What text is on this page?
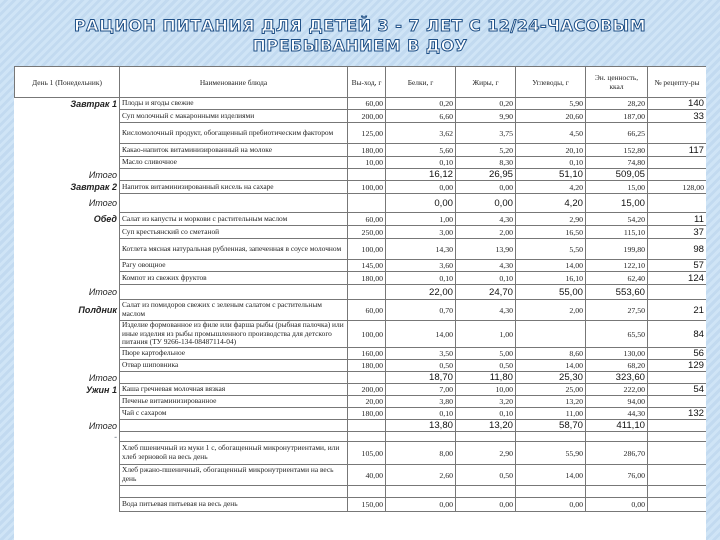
РАЦИОН ПИТАНИЯ ДЛЯ ДЕТЕЙ 3 - 7 ЛЕТ С 12/24-ЧАСОВЫМ
ПРЕБЫВАНИЕМ В ДОУ
День 1 (Понедельник)	Наименование блюда	Вы-ход, г	Белки, г	Жиры, г	Углеводы, г	Эн. ценность, ккал	№ рецепту-ры
Завтрак 1	Плоды и ягоды свежие	60,00	0,20	0,20	5,90	28,20	140
	Суп молочный с макаронными изделиями	200,00	6,60	9,90	20,60	187,00	33
	Кисломолочный продукт, обогащенный пребиотическим фактором	125,00	3,62	3,75	4,50	66,25	
	Какао-напиток витаминизированный на молоке	180,00	5,60	5,20	20,10	152,80	117
	Масло сливочное	10,00	0,10	8,30	0,10	74,80	
Итого			16,12	26,95	51,10	509,05	
Завтрак 2	Напиток витаминизированный кисель на сахаре	100,00	0,00	0,00	4,20	15,00	128,00
Итого			0,00	0,00	4,20	15,00	
Обед	Салат из капусты и моркови с растительным маслом	60,00	1,00	4,30	2,90	54,20	11
	Суп крестьянский со сметаной	250,00	3,00	2,00	16,50	115,10	37
	Котлета мясная натуральная рубленная, запеченная в соусе молочном	100,00	14,30	13,90	5,50	199,80	98
	Рагу овощное	145,00	3,60	4,30	14,00	122,10	57
	Компот из свежих фруктов	180,00	0,10	0,10	16,10	62,40	124
Итого			22,00	24,70	55,00	553,60	
Полдник	Салат из помидоров свежих с зеленым салатом с растительным маслом	60,00	0,70	4,30	2,00	27,50	21
	Изделие формованное из филе или фарша рыбы (рыбная палочка) или иные изделия из рыбы промышленного производства для детского питания (ТУ 9266-134-08487114-04)	100,00	14,00	1,00		65,50	84
	Пюре картофельное	160,00	3,50	5,00	8,60	130,00	56
	Отвар шиповника	180,00	0,50	0,50	14,00	68,20	129
Итого			18,70	11,80	25,30	323,60	
Ужин 1	Каша гречневая молочная вязкая	200,00	7,00	10,00	25,00	222,00	54
	Печенье витаминизированное	20,00	3,80	3,20	13,20	94,00	
	Чай с сахаром	180,00	0,10	0,10	11,00	44,30	132
Итого			13,80	13,20	58,70	411,10	
-							
	Хлеб пшеничный из муки 1 с, обогащенный микронутриентами, или хлеб зерновой на весь день	105,00	8,00	2,90	55,90	286,70	
	Хлеб ржано-пшеничный, обогащенный микронутриентами на весь день	40,00	2,60	0,50	14,00	76,00	

	Вода питьевая питьевая на весь день	150,00	0,00	0,00	0,00	0,00	
